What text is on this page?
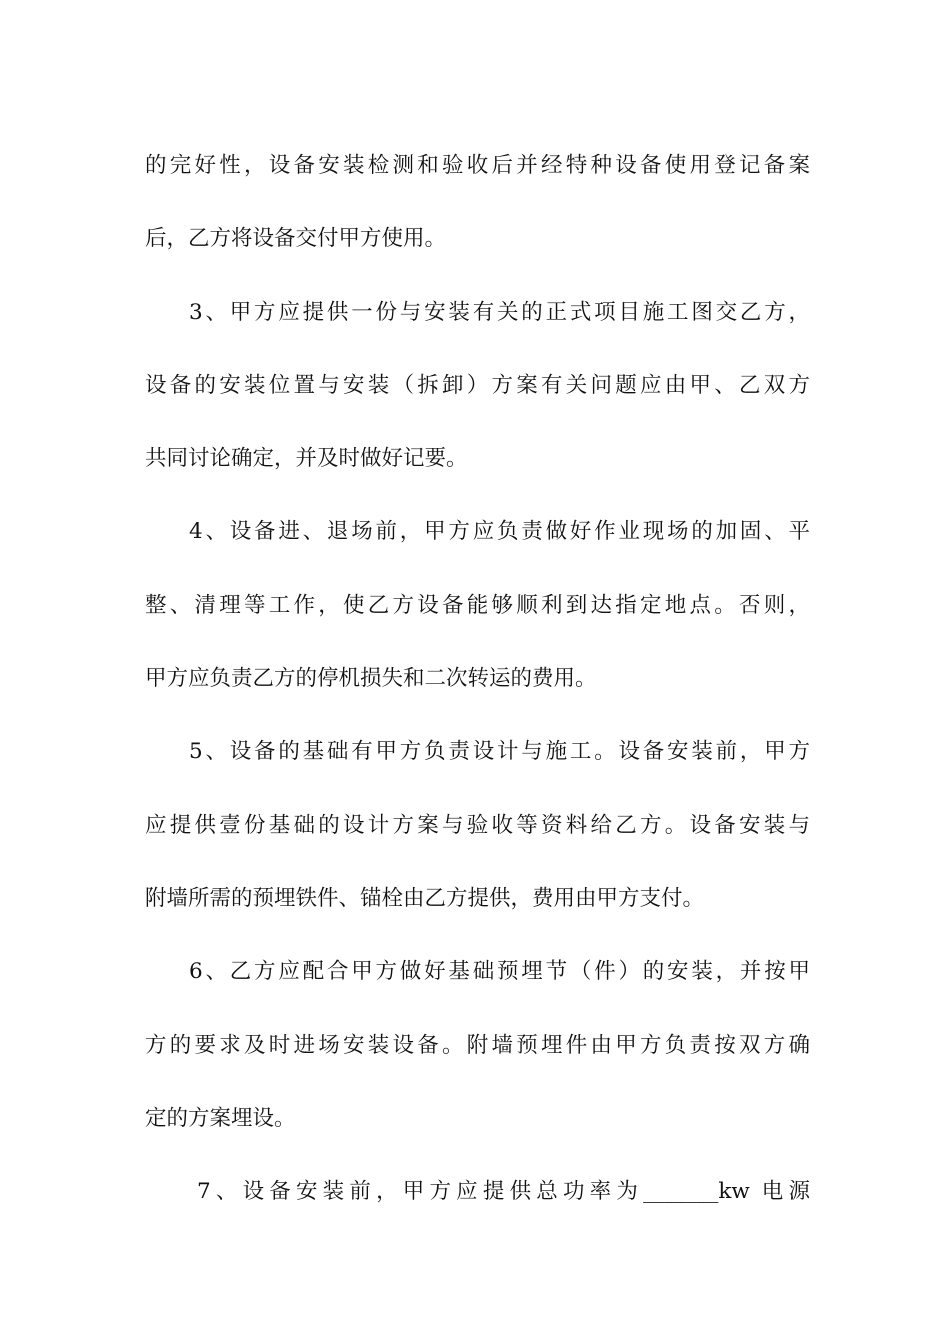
的完好性，设备安装检测和验收后并经特种设备使用登记备案
后，乙方将设备交付甲方使用。
3、甲方应提供一份与安装有关的正式项目施工图交乙方，
设备的安装位置与安装（拆卸）方案有关问题应由甲、乙双方
共同讨论确定，并及时做好记要。
4、设备进、退场前，甲方应负责做好作业现场的加固、平
整、清理等工作，使乙方设备能够顺利到达指定地点。否则，
甲方应负责乙方的停机损失和二次转运的费用。
5、设备的基础有甲方负责设计与施工。设备安装前，甲方
应提供壹份基础的设计方案与验收等资料给乙方。设备安装与
附墙所需的预埋铁件、锚栓由乙方提供，费用由甲方支付。
6、乙方应配合甲方做好基础预埋节（件）的安装，并按甲
方的要求及时进场安装设备。附墙预埋件由甲方负责按双方确
定的方案埋设。
7、设备安装前，甲方应提供总功率为_______kw 电源
